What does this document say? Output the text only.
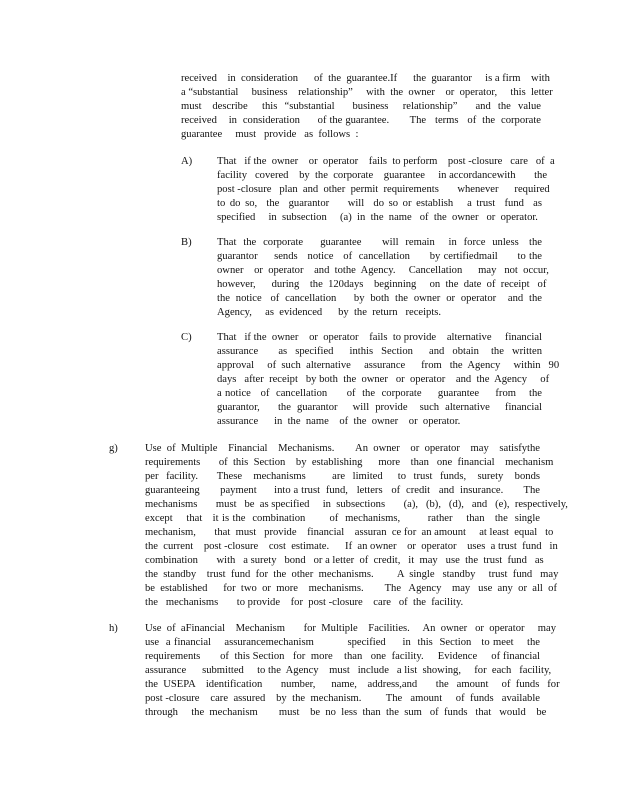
received    in  consideration      of  the  guarantee.If      the  guarantor     is a firm    with
a “substantial     business    relationship”     with  the  owner    or  operator,     this  letter
must   describe    this  “substantial     business    relationship”     and  the  value
received    in  consideration      of the guarantee.       The   terms   of  the  corporate
guarantee     must   provide   as  follows  :
A) That   if the  owner    or  operator    fails  to perform    post -closure   care   of  a
facility   covered    by  the  corporate    guarantee     in accordancewith       the
post -closure   plan  and  other  permit  requirements       whenever      required
to do so,  the  guarantor    will  do so or establish   a trust  fund  as
specified     in  subsection     (a)  in  the  name   of  the  owner   or  operator.
B) That  the  corporate     guarantee      will  remain    in  force  unless   the
guarantor     sends   notice   of  cancellation      by certifiedmail      to the
owner    or  operator    and  tothe  Agency.     Cancellation      may   not  occur,
however,      during    the  120days    beginning     on  the  date  of  receipt   of
the  notice   of  cancellation      by  both  the  owner  or  operator    and  the
Agency,     as  evidenced      by  the  return   receipts.
C) That   if the  owner    or  operator    fails  to provide    alternative     financial
assurance     as  specified    inthis  Section    and  obtain   the  written
approval     of  such  alternative     assurance      from   the  Agency     within   90
days   after  receipt   by both  the  owner   or  operator    and  the  Agency     of
a notice   of  cancellation      of  the  corporate     guarantee     from    the
guarantor,      the  guarantor     will  provide    such  alternative     financial
assurance      in  the  name    of  the  owner    or  operator.
g)	Use  of  Multiple    Financial    Mechanisms.        An  owner    or  operator    may    satisfythe
requirements       of  this  Section    by  establishing      more    than   one  financial    mechanism
per  facility.     These   mechanisms       are  limited    to  trust  funds,   surety   bonds
guaranteeing       payment      into a trust  fund,   letters   of  credit   and  insurance.       The
mechanisms       must   be  as specified     in  subsections       (a),   (b),   (d),   and   (e),  respectively,
except    that   it is the  combination       of  mechanisms,        rather    than   the  single
mechanism,       that  must   provide    financial    assuran  ce for  an amount     at least  equal   to
the  current    post -closure    cost  estimate.      If  an owner    or  operator    uses  a trust  fund   in
combination       with   a surety   bond   or a letter  of  credit,   it  may   use  the  trust  fund   as
the  standby    trust  fund  for  the  other  mechanisms.         A  single   standby     trust  fund   may
be  established      for  two  or  more    mechanisms.        The   Agency    may   use  any  or  all  of
the   mechanisms       to provide    for  post -closure    care   of  the  facility.
h)	Use  of  aFinancial    Mechanism       for  Multiple    Facilities.     An  owner   or  operator     may
use  a financial    assurancemechanism          specified     in  this  Section   to meet    the
requirements       of  this Section   for  more    than   one  facility.     Evidence     of financial
assurance      submitted     to the  Agency    must   include   a list  showing,     for  each   facility,
the  USEPA    identification       number,      name,    address,and       the   amount     of  funds   for
post -closure    care  assured    by  the  mechanism.         The   amount     of  funds   available
through     the  mechanism        must    be  no  less  than  the  sum   of  funds   that   would    be
